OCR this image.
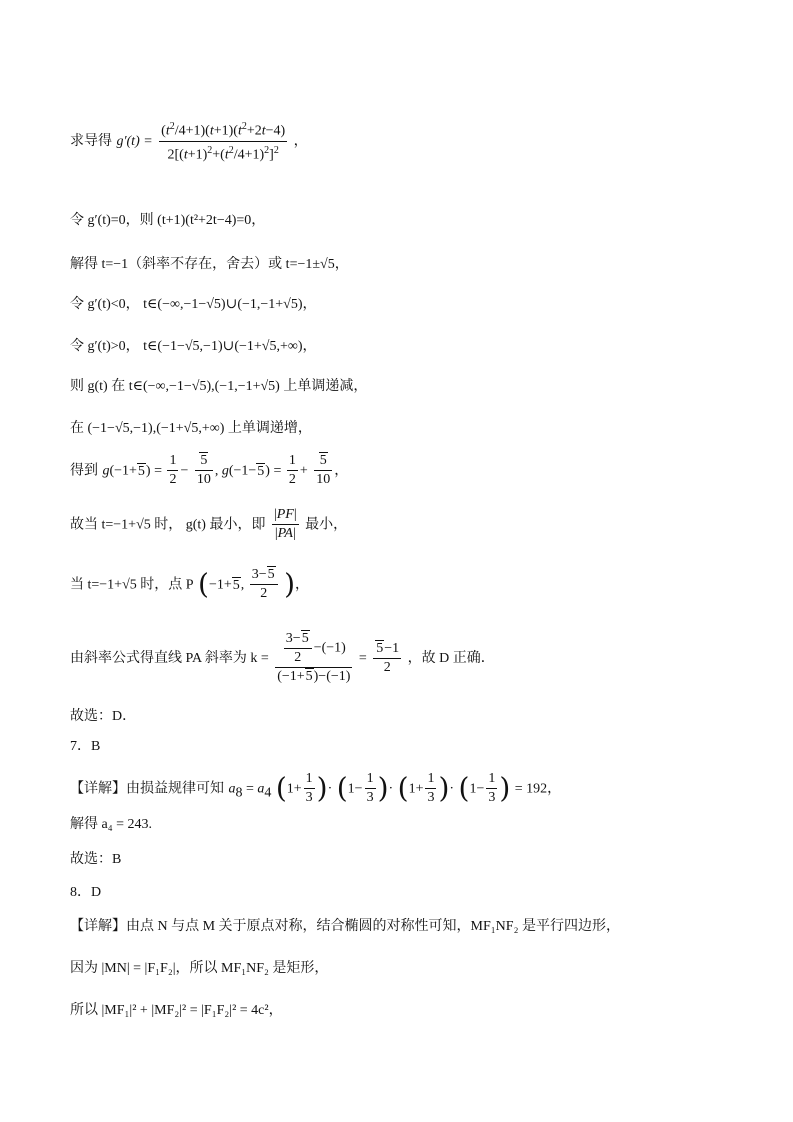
求导得 $g'(t) = \frac{(t^2/4+1)(t+1)(t^2+2t-4)}{2[(t+1)^2+(t^2/4+1)^2]^2}$ ，
令 g′(t)=0，则 (t+1)(t²+2t−4)=0，
解得 t=−1（斜率不存在，舍去）或 t=−1±√5，
令 g′(t)<0， t∈(−∞,−1−√5)∪(−1,−1+√5)，
令 g′(t)>0， t∈(−1−√5,−1)∪(−1+√5,+∞)，
则 g(t) 在 t∈(−∞,−1−√5),(−1,−1+√5) 上单调递减，
在 (−1−√5,−1),(−1+√5,+∞) 上单调递增，
得到 $g(-1+5) = \frac{1}{2} - \frac{5}{10}$ , $g(-1-5) = \frac{1}{2} + \frac{5}{10}$ ，
故当 t=−1+√5 时， g(t) 最小，即 $\frac{|PF|}{|PA|}$ 最小，
当 t=−1+√5 时，点 P (−1+5, $\frac{3-5}{2}$ )，
由斜率公式得直线 PA 斜率为 $k = \frac{\frac{3-5}{2} -(-1)}{(-1+5)-(-1)} = \frac{5-1}{2}$ ，故 D 正确．
故选：D．
7．B
【详解】由损益规律可知 $a_8 = a_4$ ($1+ \frac{1}{3}$ )· ($1- \frac{1}{3}$ )· ($1+ \frac{1}{3}$ )· ($1- \frac{1}{3}$ ) = 192，
解得 a₄ = 243.
故选：B
8．D
【详解】由点 N 与点 M 关于原点对称，结合椭圆的对称性可知，MF₁NF₂ 是平行四边形，
因为 |MN| = |F₁F₂|，所以 MF₁NF₂ 是矩形，
所以 |MF₁|² + |MF₂|² = |F₁F₂|² = 4c²，
